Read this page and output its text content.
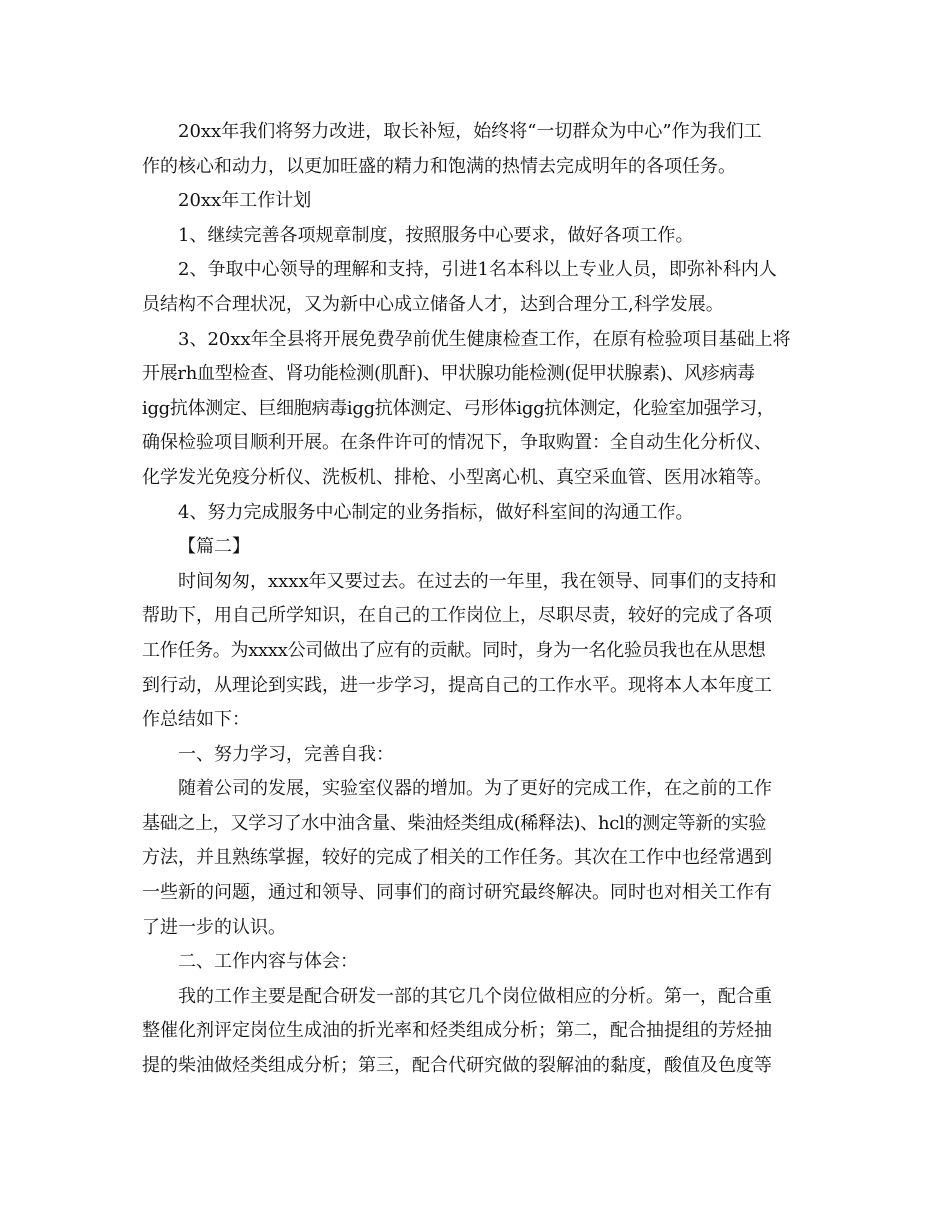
20xx年我们将努力改进，取长补短，始终将“一切群众为中心”作为我们工

作的核心和动力，以更加旺盛的精力和饱满的热情去完成明年的各项任务。

20xx年工作计划

1、继续完善各项规章制度，按照服务中心要求，做好各项工作。

2、争取中心领导的理解和支持，引进1名本科以上专业人员，即弥补科内人

员结构不合理状况，又为新中心成立储备人才，达到合理分工,科学发展。

3、20xx年全县将开展免费孕前优生健康检查工作，在原有检验项目基础上将

开展rh血型检查、肾功能检测(肌酐)、甲状腺功能检测(促甲状腺素)、风疹病毒

igg抗体测定、巨细胞病毒igg抗体测定、弓形体igg抗体测定，化验室加强学习，

确保检验项目顺利开展。在条件许可的情况下，争取购置：全自动生化分析仪、

化学发光免疫分析仪、洗板机、排枪、小型离心机、真空采血管、医用冰箱等。

4、努力完成服务中心制定的业务指标，做好科室间的沟通工作。

【篇二】

时间匆匆，xxxx年又要过去。在过去的一年里，我在领导、同事们的支持和

帮助下，用自己所学知识，在自己的工作岗位上，尽职尽责，较好的完成了各项

工作任务。为xxxx公司做出了应有的贡献。同时，身为一名化验员我也在从思想

到行动，从理论到实践，进一步学习，提高自己的工作水平。现将本人本年度工

作总结如下：

一、努力学习，完善自我：

随着公司的发展，实验室仪器的增加。为了更好的完成工作，在之前的工作

基础之上，又学习了水中油含量、柴油烃类组成(稀释法)、hcl的测定等新的实验

方法，并且熟练掌握，较好的完成了相关的工作任务。其次在工作中也经常遇到

一些新的问题，通过和领导、同事们的商讨研究最终解决。同时也对相关工作有

了进一步的认识。

二、工作内容与体会：

我的工作主要是配合研发一部的其它几个岗位做相应的分析。第一，配合重

整催化剂评定岗位生成油的折光率和烃类组成分析；第二，配合抽提组的芳烃抽

提的柴油做烃类组成分析；第三，配合代研究做的裂解油的黏度，酸值及色度等
